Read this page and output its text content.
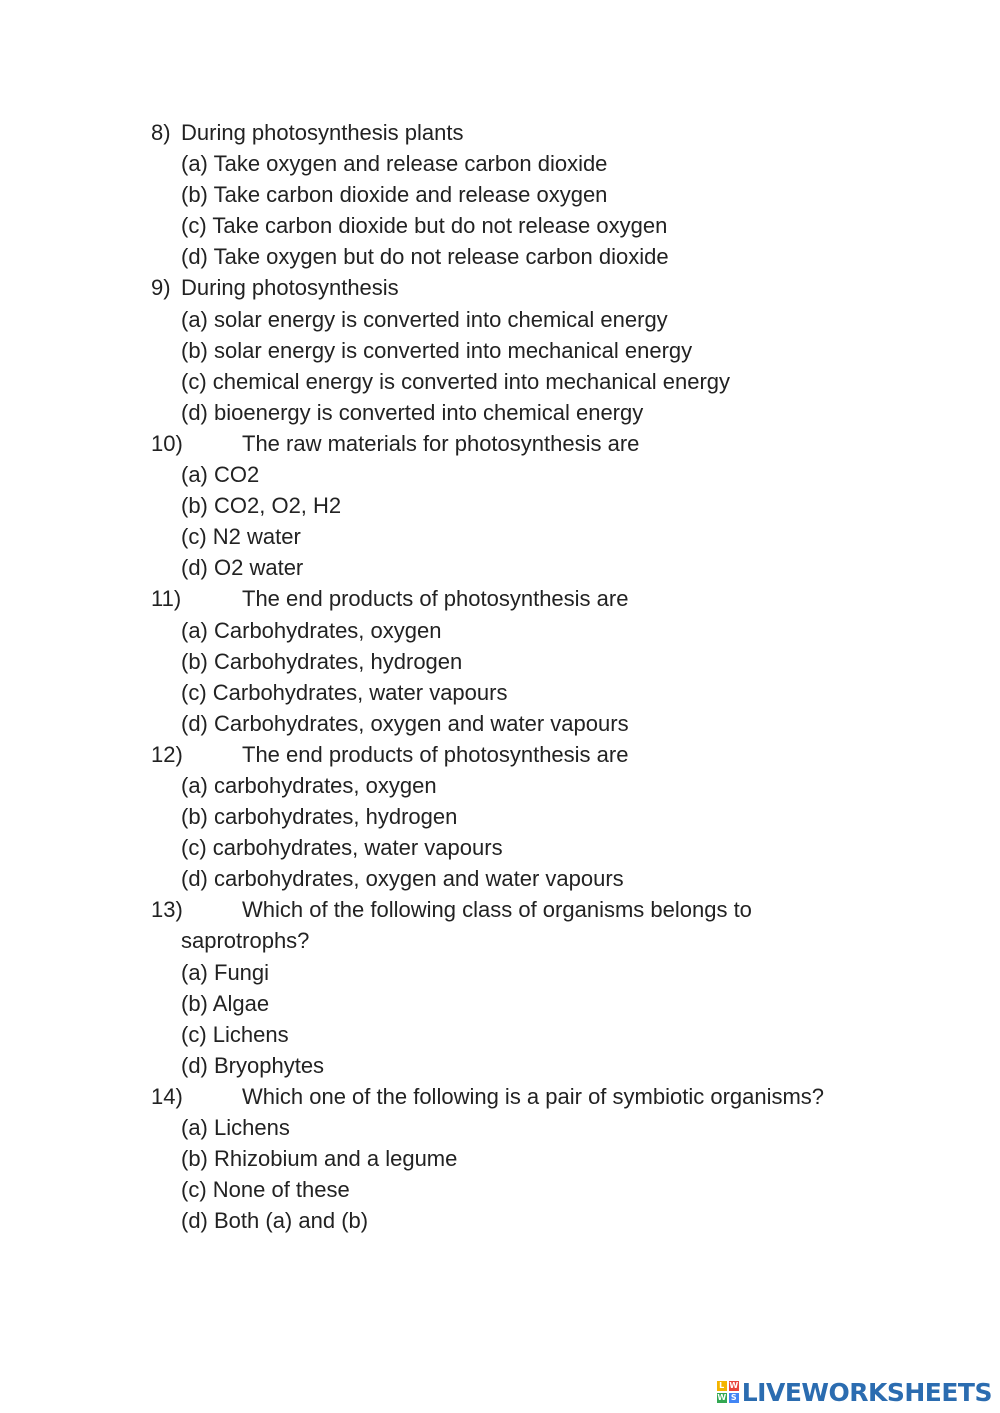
8) During photosynthesis plants
(a) Take oxygen and release carbon dioxide
(b) Take carbon dioxide and release oxygen
(c) Take carbon dioxide but do not release oxygen
(d) Take oxygen but do not release carbon dioxide
9) During photosynthesis
(a) solar energy is converted into chemical energy
(b) solar energy is converted into mechanical energy
(c) chemical energy is converted into mechanical energy
(d) bioenergy is converted into chemical energy
10)	The raw materials for photosynthesis are
(a) CO2
(b) CO2, O2, H2
(c) N2 water
(d) O2 water
11)	The end products of photosynthesis are
(a) Carbohydrates, oxygen
(b) Carbohydrates, hydrogen
(c) Carbohydrates, water vapours
(d) Carbohydrates, oxygen and water vapours
12)	The end products of photosynthesis are
(a) carbohydrates, oxygen
(b) carbohydrates, hydrogen
(c) carbohydrates, water vapours
(d) carbohydrates, oxygen and water vapours
13)	Which of the following class of organisms belongs to
saprotrophs?
(a) Fungi
(b) Algae
(c) Lichens
(d) Bryophytes
14)	Which one of the following is a pair of symbiotic organisms?
(a) Lichens
(b) Rhizobium and a legume
(c) None of these
(d) Both (a) and (b)
L W
W S LIVEWORKSHEETS
